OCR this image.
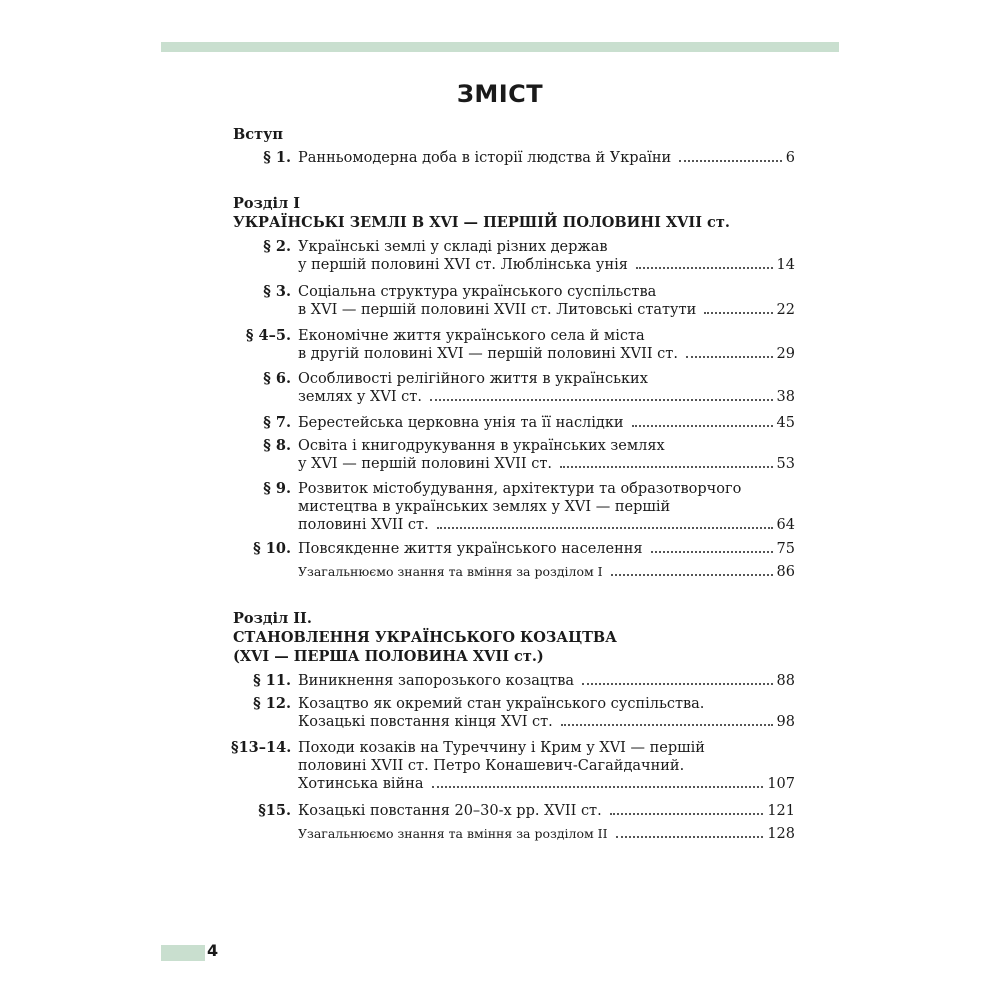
ЗМІСТ
Вступ
§ 1. Ранньомодерна доба в історії людства й України	6
Розділ I
УКРАЇНСЬКІ ЗЕМЛІ В XVI — ПЕРШІЙ ПОЛОВИНІ XVII ст.
§ 2. Українські землі у складі різних держав
у першій половині XVI ст. Люблінська унія	14
§ 3. Соціальна структура українського суспільства
в XVI — першій половині XVII ст. Литовські статути	22
§ 4–5. Економічне життя українського села й міста
в другій половині XVI — першій половині XVII ст.	29
§ 6. Особливості релігійного життя в українських
землях у XVI ст.	38
§ 7. Берестейська церковна унія та її наслідки	45
§ 8. Освіта і книгодрукування в українських землях
у XVI — першій половині XVII ст.	53
§ 9. Розвиток містобудування, архітектури та образотворчого
мистецтва в українських землях у XVI — першій
половині XVII ст.	64
§ 10. Повсякденне життя українського населення	75
Узагальнюємо знання та вміння за розділом I	86
Розділ II.
СТАНОВЛЕННЯ УКРАЇНСЬКОГО КОЗАЦТВА
(XVI — ПЕРША ПОЛОВИНА XVII ст.)
§ 11. Виникнення запорозького козацтва	88
§ 12. Козацтво як окремий стан українського суспільства.
Козацькі повстання кінця XVI ст.	98
§13–14. Походи козаків на Туреччину і Крим у XVI — першій
половині XVII ст. Петро Конашевич-Сагайдачний.
Хотинська війна	107
§15. Козацькі повстання 20–30-х рр. XVII ст.	121
Узагальнюємо знання та вміння за розділом II	128
4
